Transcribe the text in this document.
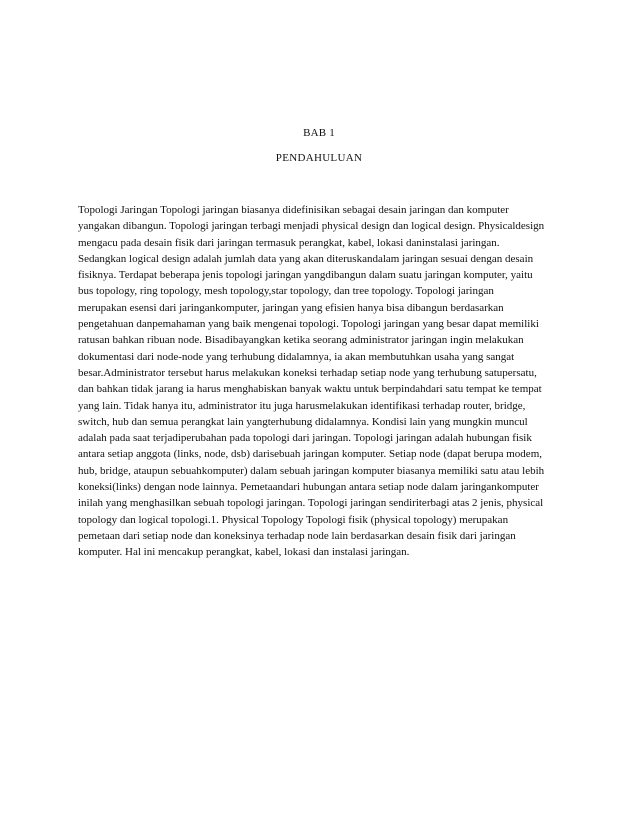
BAB 1
PENDAHULUAN
Topologi Jaringan Topologi jaringan biasanya didefinisikan sebagai desain jaringan dan komputer
yangakan dibangun. Topologi jaringan terbagi menjadi physical design dan logical design. Physicaldesign
mengacu pada desain fisik dari jaringan termasuk perangkat, kabel, lokasi daninstalasi jaringan.
Sedangkan logical design adalah jumlah data yang akan diteruskandalam jaringan sesuai dengan desain
fisiknya. Terdapat beberapa jenis topologi jaringan yangdibangun dalam suatu jaringan komputer, yaitu
bus topology, ring topology, mesh topology,star topology, dan tree topology. Topologi jaringan
merupakan esensi dari jaringankomputer, jaringan yang efisien hanya bisa dibangun berdasarkan
pengetahuan danpemahaman yang baik mengenai topologi. Topologi jaringan yang besar dapat memiliki
ratusan bahkan ribuan node. Bisadibayangkan ketika seorang administrator jaringan ingin melakukan
dokumentasi dari node-node yang terhubung didalamnya, ia akan membutuhkan usaha yang sangat
besar.Administrator tersebut harus melakukan koneksi terhadap setiap node yang terhubung satupersatu,
dan bahkan tidak jarang ia harus menghabiskan banyak waktu untuk berpindahdari satu tempat ke tempat
yang lain. Tidak hanya itu, administrator itu juga harusmelakukan identifikasi terhadap router, bridge,
switch, hub dan semua perangkat lain yangterhubung didalamnya. Kondisi lain yang mungkin muncul
adalah pada saat terjadiperubahan pada topologi dari jaringan. Topologi jaringan adalah hubungan fisik
antara setiap anggota (links, node, dsb) darisebuah jaringan komputer. Setiap node (dapat berupa modem,
hub, bridge, ataupun sebuahkomputer) dalam sebuah jaringan komputer biasanya memiliki satu atau lebih
koneksi(links) dengan node lainnya. Pemetaandari hubungan antara setiap node dalam jaringankomputer
inilah yang menghasilkan sebuah topologi jaringan. Topologi jaringan sendiriterbagi atas 2 jenis, physical
topology dan logical topologi.1. Physical Topology Topologi fisik (physical topology) merupakan
pemetaan dari setiap node dan koneksinya terhadap node lain berdasarkan desain fisik dari jaringan
komputer. Hal ini mencakup perangkat, kabel, lokasi dan instalasi jaringan.
